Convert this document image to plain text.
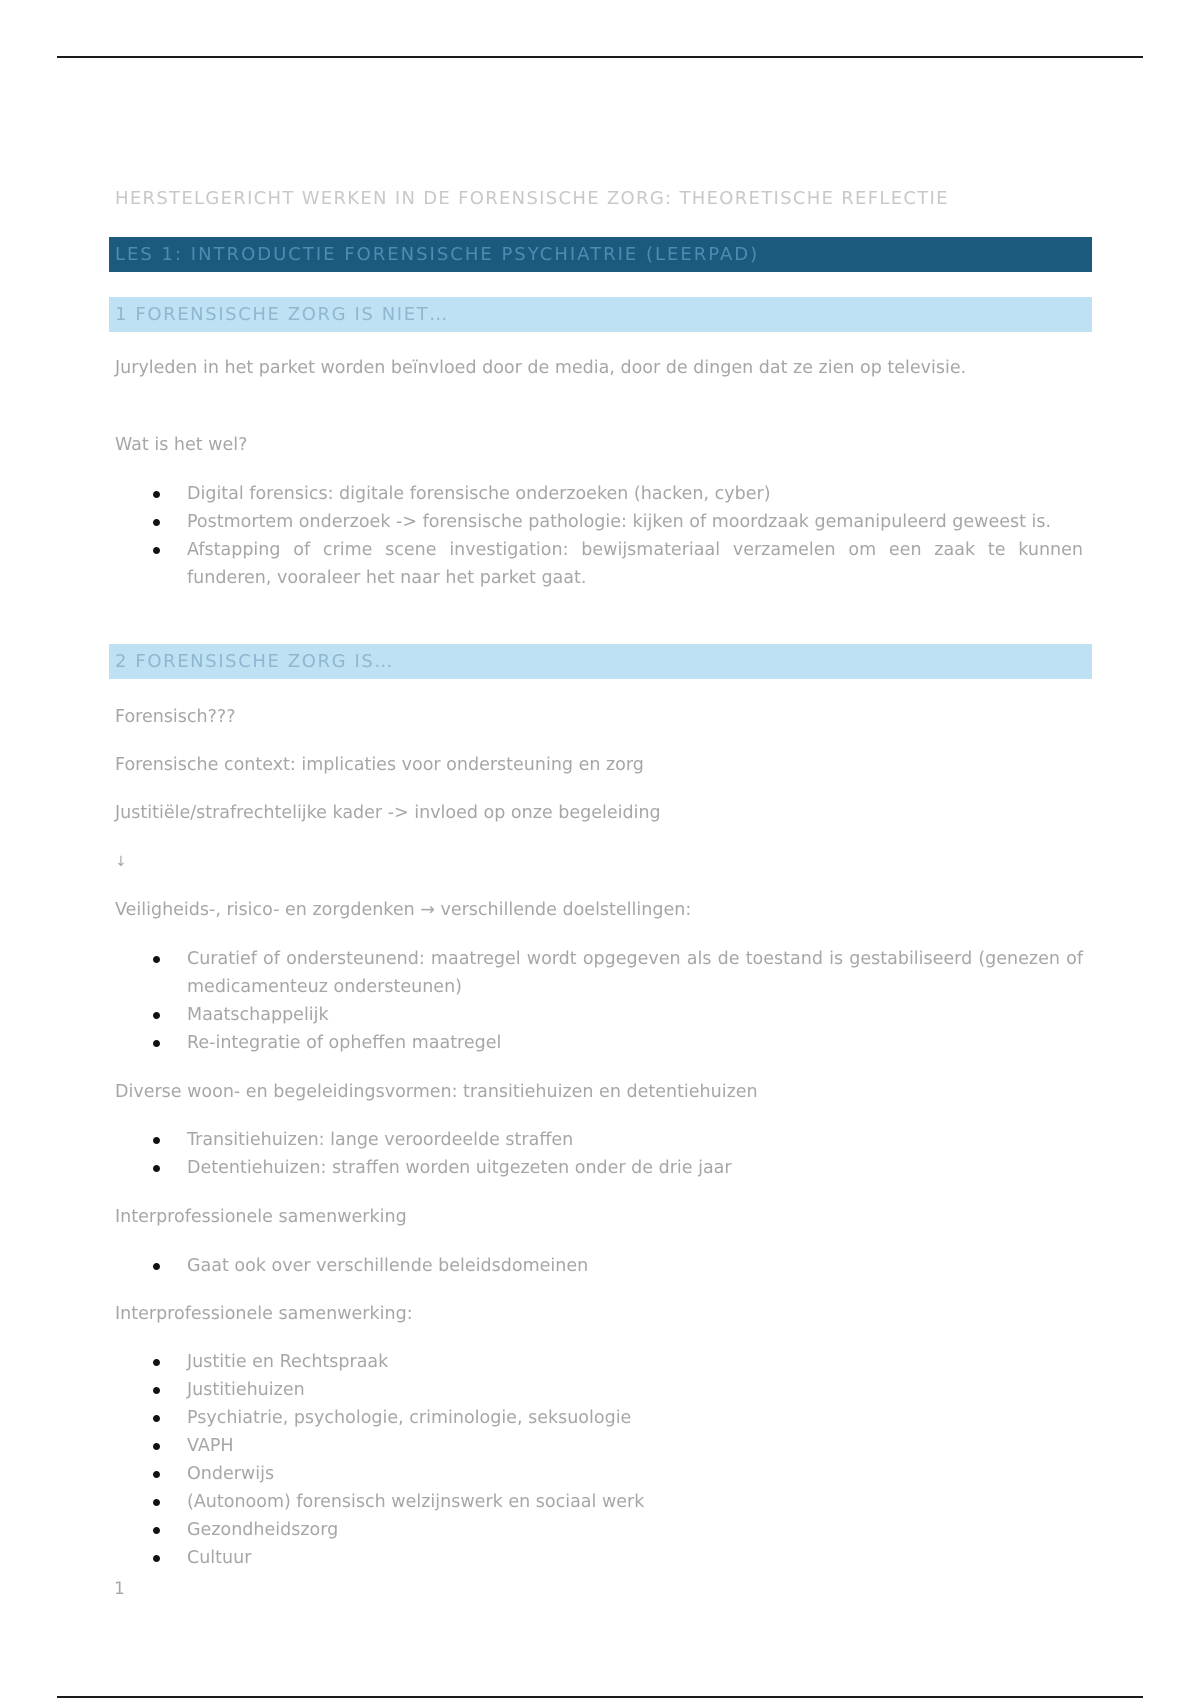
HERSTELGERICHT WERKEN IN DE FORENSISCHE ZORG: THEORETISCHE REFLECTIE
LES 1: INTRODUCTIE FORENSISCHE PSYCHIATRIE (LEERPAD)
1 FORENSISCHE ZORG IS NIET…
Juryleden in het parket worden beïnvloed door de media, door de dingen dat ze zien op televisie.
Wat is het wel?
Digital forensics: digitale forensische onderzoeken (hacken, cyber)
Postmortem onderzoek -> forensische pathologie: kijken of moordzaak gemanipuleerd geweest is.
Afstapping of crime scene investigation: bewijsmateriaal verzamelen om een zaak te kunnen funderen, vooraleer het naar het parket gaat.
2 FORENSISCHE ZORG IS…
Forensisch???
Forensische context: implicaties voor ondersteuning en zorg
Justitiële/strafrechtelijke kader -> invloed op onze begeleiding
↓
Veiligheids-, risico- en zorgdenken → verschillende doelstellingen:
Curatief of ondersteunend: maatregel wordt opgegeven als de toestand is gestabiliseerd (genezen of medicamenteuz ondersteunen)
Maatschappelijk
Re-integratie of opheffen maatregel
Diverse woon- en begeleidingsvormen: transitiehuizen en detentiehuizen
Transitiehuizen: lange veroordeelde straffen
Detentiehuizen: straffen worden uitgezeten onder de drie jaar
Interprofessionele samenwerking
Gaat ook over verschillende beleidsdomeinen
Interprofessionele samenwerking:
Justitie en Rechtspraak
Justitiehuizen
Psychiatrie, psychologie, criminologie, seksuologie
VAPH
Onderwijs
(Autonoom) forensisch welzijnswerk en sociaal werk
Gezondheidszorg
Cultuur
1
